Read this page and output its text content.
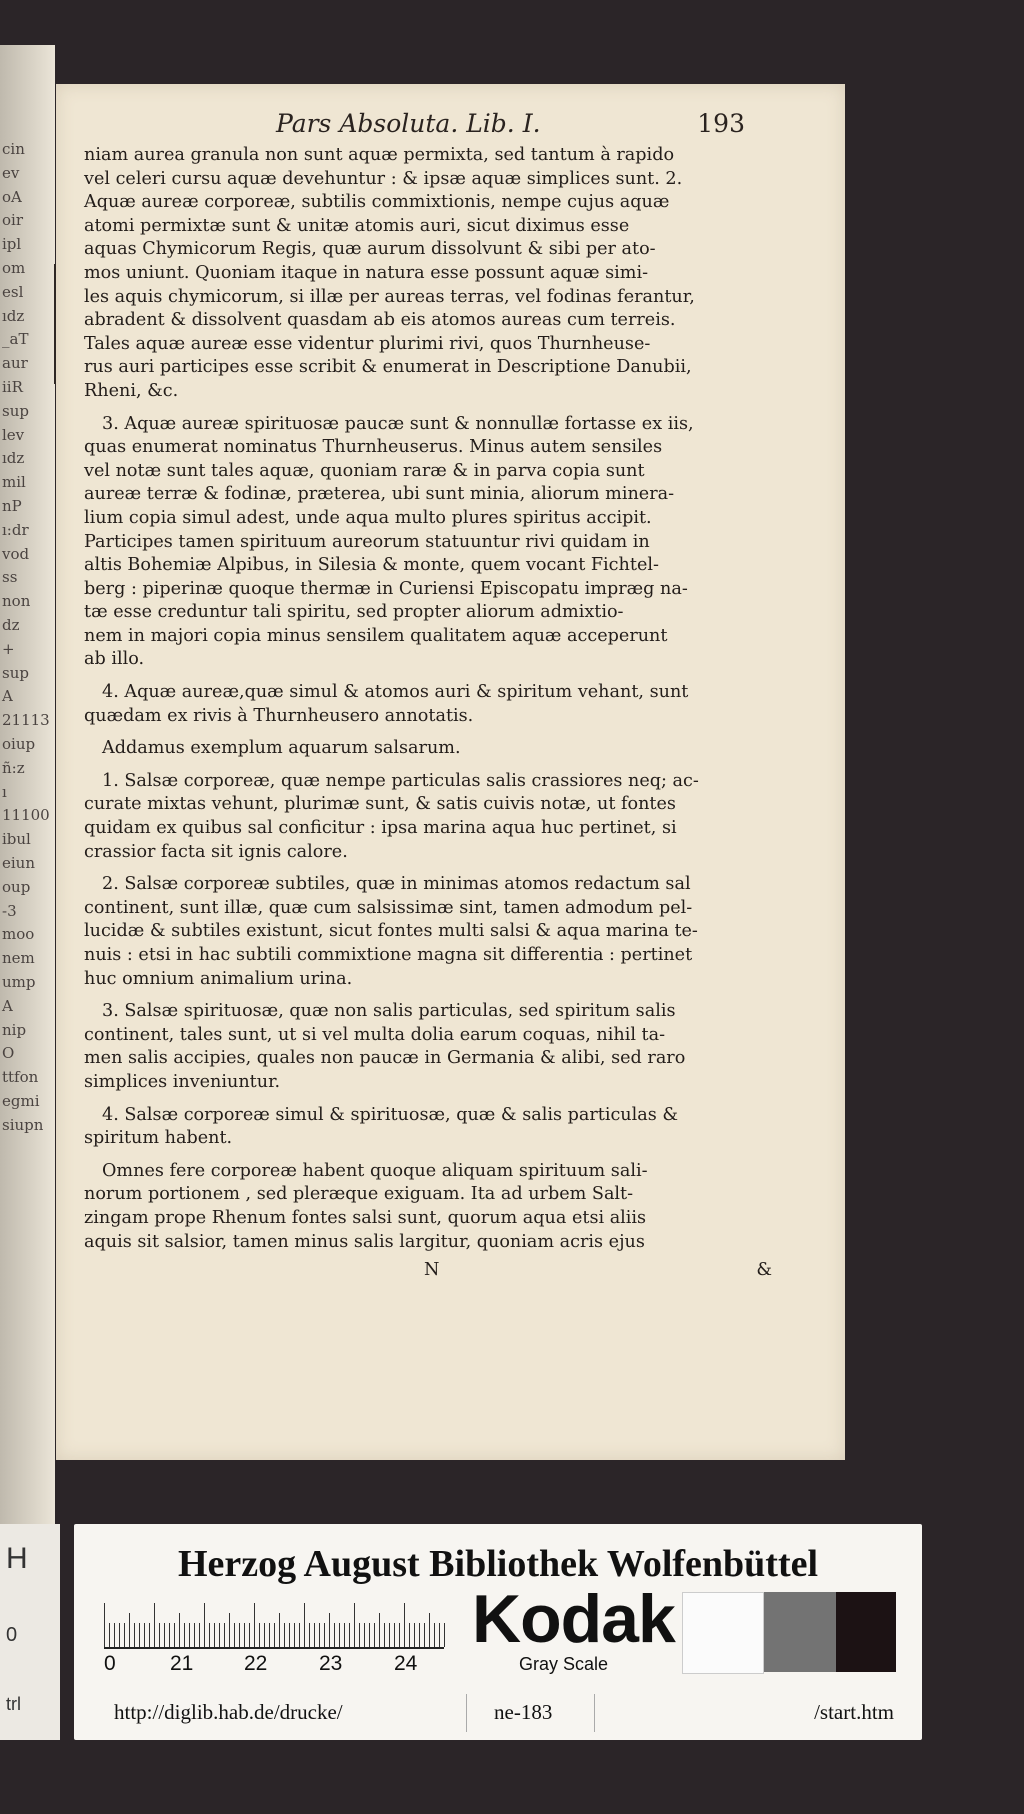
cin
ev
oA
oir
ipl
om
esl
ıdz
_aT
aur
iiR
sup
lev
ıdz
mil
nP
ı:dr
vod
ss
non
dz
+
sup
A
21113
oiup
ñ:z
ı
11100
ibul
eiun
oup
-3
moo
nem
ump
A
nip
O
ttfon
egmi
siupn
Pars Absoluta. Lib. I.	193
niam aurea granula non sunt aquæ permixta, sed tantum à rapido
vel celeri cursu aquæ devehuntur : & ipsæ aquæ simplices sunt. 2.
Aquæ aureæ corporeæ, subtilis commixtionis, nempe cujus aquæ
atomi permixtæ sunt & unitæ atomis auri, sicut diximus esse
aquas Chymicorum Regis, quæ aurum dissolvunt & sibi per ato-
mos uniunt. Quoniam itaque in natura esse possunt aquæ simi-
les aquis chymicorum, si illæ per aureas terras, vel fodinas ferantur,
abradent & dissolvent quasdam ab eis atomos aureas cum terreis.
Tales aquæ aureæ esse videntur plurimi rivi, quos Thurnheuse-
rus auri participes esse scribit & enumerat in Descriptione Danubii,
Rheni, &c.
3. Aquæ aureæ spirituosæ paucæ sunt & nonnullæ fortasse ex iis,
quas enumerat nominatus Thurnheuserus. Minus autem sensiles
vel notæ sunt tales aquæ, quoniam raræ & in parva copia sunt
aureæ terræ & fodinæ, præterea, ubi sunt minia, aliorum minera-
lium copia simul adest, unde aqua multo plures spiritus accipit.
Participes tamen spirituum aureorum statuuntur rivi quidam in
altis Bohemiæ Alpibus, in Silesia & monte, quem vocant Fichtel-
berg : piperinæ quoque thermæ in Curiensi Episcopatu impræg na-
tæ esse creduntur tali spiritu, sed propter aliorum admixtio-
nem in majori copia minus sensilem qualitatem aquæ acceperunt
ab illo.
4. Aquæ aureæ,quæ simul & atomos auri & spiritum vehant, sunt
quædam ex rivis à Thurnheusero annotatis.
Addamus exemplum aquarum salsarum.
1. Salsæ corporeæ, quæ nempe particulas salis crassiores neq; ac-
curate mixtas vehunt, plurimæ sunt, & satis cuivis notæ, ut fontes
quidam ex quibus sal conficitur : ipsa marina aqua huc pertinet, si
crassior facta sit ignis calore.
2. Salsæ corporeæ subtiles, quæ in minimas atomos redactum sal
continent, sunt illæ, quæ cum salsissimæ sint, tamen admodum pel-
lucidæ & subtiles existunt, sicut fontes multi salsi & aqua marina te-
nuis : etsi in hac subtili commixtione magna sit differentia : pertinet
huc omnium animalium urina.
3. Salsæ spirituosæ, quæ non salis particulas, sed spiritum salis
continent, tales sunt, ut si vel multa dolia earum coquas, nihil ta-
men salis accipies, quales non paucæ in Germania & alibi, sed raro
simplices inveniuntur.
4. Salsæ corporeæ simul & spirituosæ, quæ & salis particulas &
spiritum habent.
Omnes fere corporeæ habent quoque aliquam spirituum sali-
norum portionem , sed pleræque exiguam. Ita ad urbem Salt-
zingam prope Rhenum fontes salsi sunt, quorum aqua etsi aliis
aquis sit salsior, tamen minus salis largitur, quoniam acris ejus
N	&
H
0
trl
Herzog August Bibliothek Wolfenbüttel
0	21 22 23 24
Kodak
Gray Scale
http://diglib.hab.de/drucke/	ne-183	/start.htm
